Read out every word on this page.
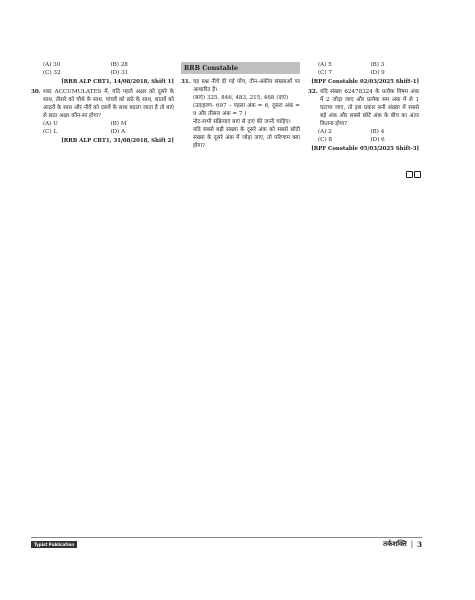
(A) 30	(B) 28
(C) 32	(D) 31
[RRB ALP CBT1, 14/08/2018, Shift 1]
30. शब्द ACCUMULATES में, यदि पहले अक्षर को दूसरे के साथ, तीसरे को चौथे के साथ, पांचवें को छठे के साथ, सातवें को आठवें के साथ और नौवें को दसवें के साथ बदला जाता है तो बाएं से छठा अक्षर कौन-सा होगा?
(A) U	(B) M
(C) L	(D) A
[RRB ALP CBT1, 31/08/2018, Shift 2]
RRB Constable
31. यह प्रश्न नीचे दी गई पाँच, तीन-अंकीय संख्याओं पर आधारित है।

(बाएं) 325, 846, 483, 215, 468 (दाएं)

(उदाहरण- 697 – पहला अंक = 6, दूसरा अंक = 9 और तीसरा अंक = 7 )

नोट-सभी संक्रियाएं बाएं से दाएं की जानी चाहिए।

यदि सबसे बड़ी संख्या के दूसरे अंक को सबसे छोटी संख्या के दूसरे अंक में जोड़ा जाए, तो परिणाम क्या होगा?

(A) 5	(B) 3
(C) 7	(D) 9
[RPF Constable 02/03/2025 Shift-1]
32. यदि संख्या 62478324 के प्रत्येक विषम अंक में 2 जोड़ा जाए और प्रत्येक सम अंक में से 1 घटाया जाए, तो इस प्रकार बनी संख्या में सबसे बड़े अंक और सबसे छोटे अंक के बीच का अंतर कितना होगा?
(A) 2	(B) 4
(C) 8	(D) 6
[RPF Constable 05/03/2025 Shift-3]
Typist Publication	तर्कशक्ति | 3
